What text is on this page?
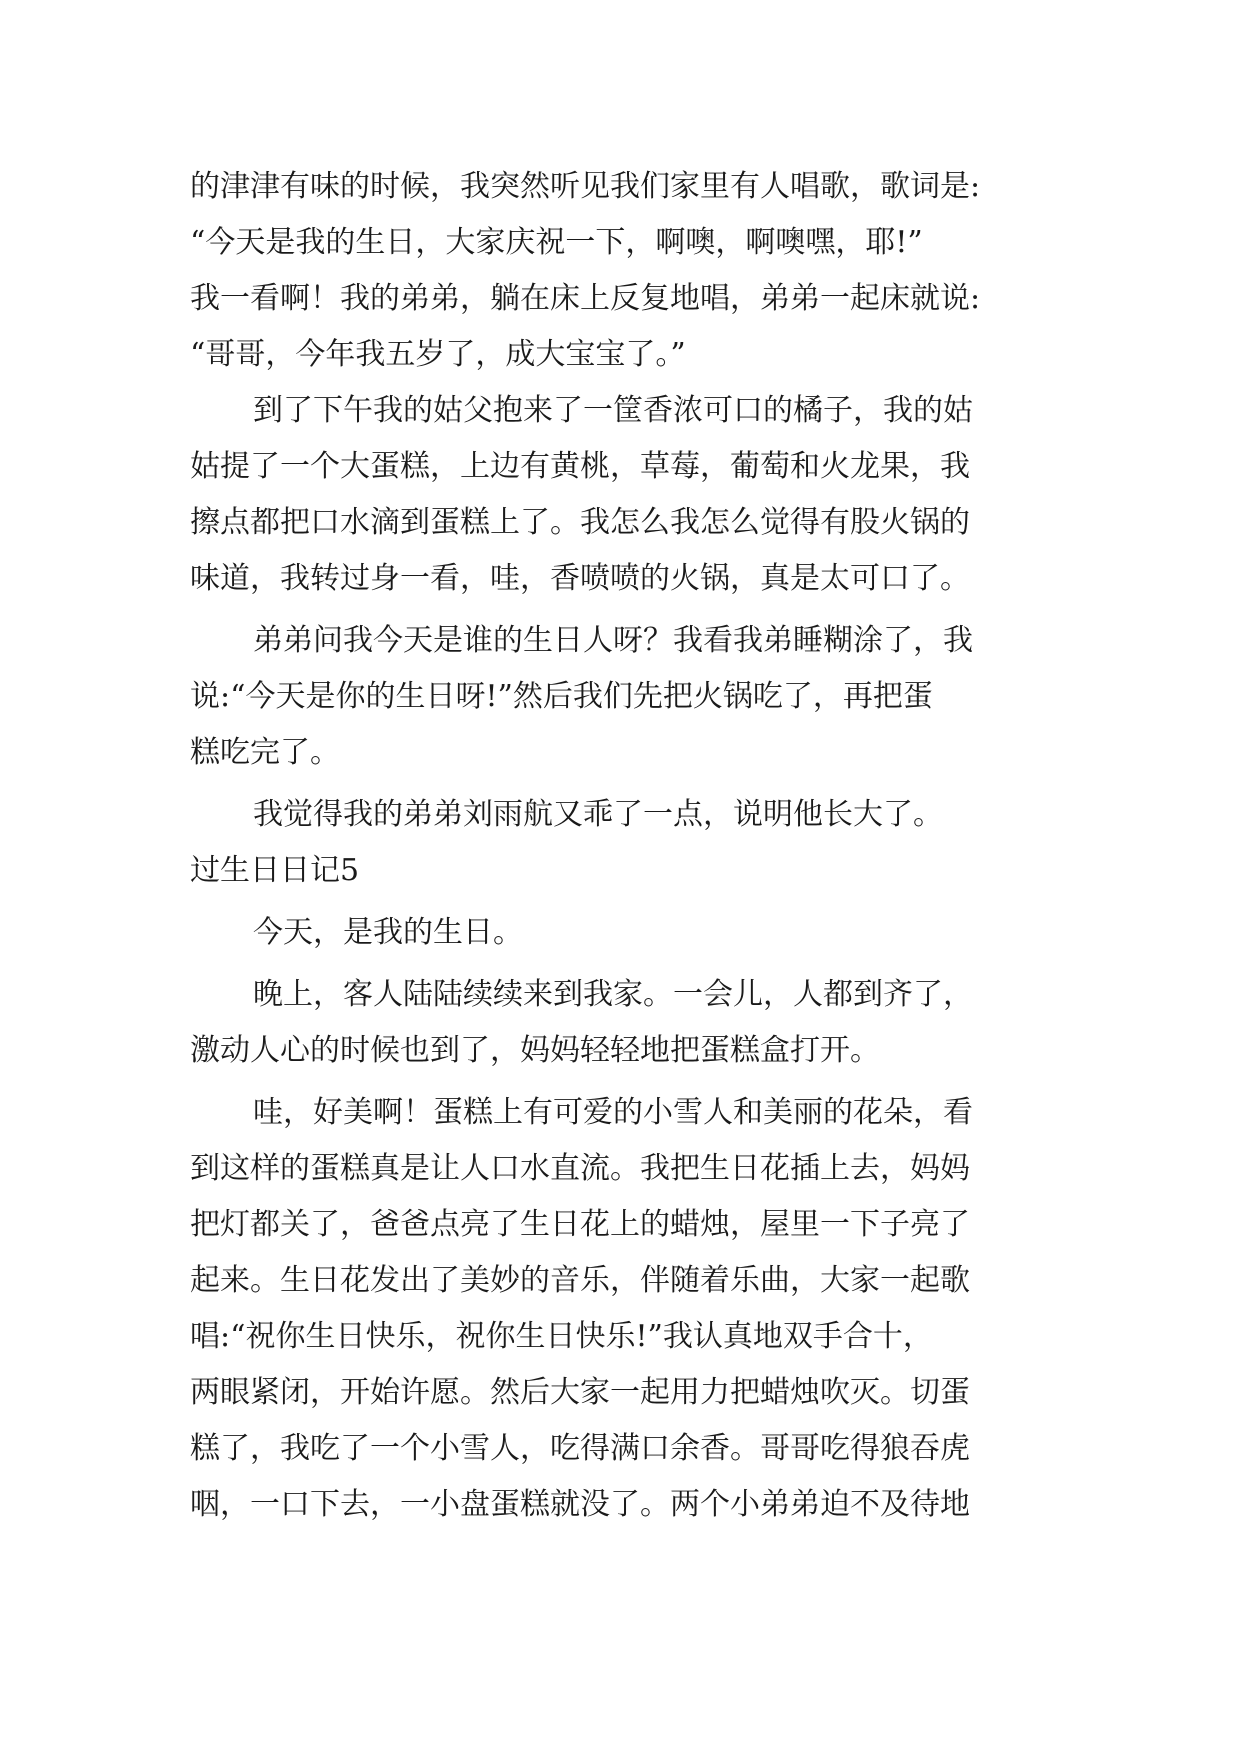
的津津有味的时候，我突然听见我们家里有人唱歌，歌词是:
“今天是我的生日，大家庆祝一下，啊噢，啊噢嘿，耶!”
我一看啊！我的弟弟，躺在床上反复地唱，弟弟一起床就说:
“哥哥，今年我五岁了，成大宝宝了。”
到了下午我的姑父抱来了一筐香浓可口的橘子，我的姑
姑提了一个大蛋糕，上边有黄桃，草莓，葡萄和火龙果，我
擦点都把口水滴到蛋糕上了。我怎么我怎么觉得有股火锅的
味道，我转过身一看，哇，香喷喷的火锅，真是太可口了。
弟弟问我今天是谁的生日人呀？我看我弟睡糊涂了，我
说:“今天是你的生日呀!”然后我们先把火锅吃了，再把蛋
糕吃完了。
我觉得我的弟弟刘雨航又乖了一点，说明他长大了。
过生日日记5
今天，是我的生日。
晚上，客人陆陆续续来到我家。一会儿，人都到齐了，
激动人心的时候也到了，妈妈轻轻地把蛋糕盒打开。
哇，好美啊！蛋糕上有可爱的小雪人和美丽的花朵，看
到这样的蛋糕真是让人口水直流。我把生日花插上去，妈妈
把灯都关了，爸爸点亮了生日花上的蜡烛，屋里一下子亮了
起来。生日花发出了美妙的音乐，伴随着乐曲，大家一起歌
唱:“祝你生日快乐，祝你生日快乐!”我认真地双手合十，
两眼紧闭，开始许愿。然后大家一起用力把蜡烛吹灭。切蛋
糕了，我吃了一个小雪人，吃得满口余香。哥哥吃得狼吞虎
咽，一口下去，一小盘蛋糕就没了。两个小弟弟迫不及待地
